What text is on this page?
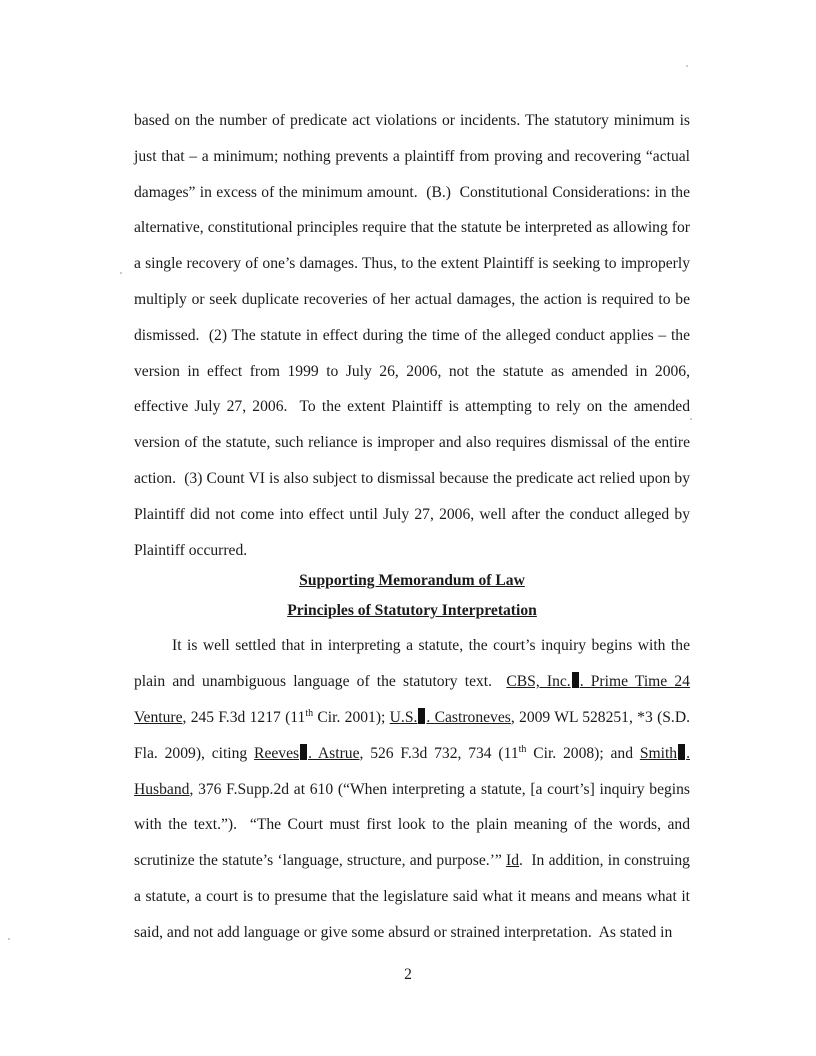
based on the number of predicate act violations or incidents. The statutory minimum is just that – a minimum; nothing prevents a plaintiff from proving and recovering “actual damages” in excess of the minimum amount.  (B.)  Constitutional Considerations: in the alternative, constitutional principles require that the statute be interpreted as allowing for a single recovery of one’s damages. Thus, to the extent Plaintiff is seeking to improperly multiply or seek duplicate recoveries of her actual damages, the action is required to be dismissed.  (2) The statute in effect during the time of the alleged conduct applies – the version in effect from 1999 to July 26, 2006, not the statute as amended in 2006, effective July 27, 2006.  To the extent Plaintiff is attempting to rely on the amended version of the statute, such reliance is improper and also requires dismissal of the entire action.  (3) Count VI is also subject to dismissal because the predicate act relied upon by Plaintiff did not come into effect until July 27, 2006, well after the conduct alleged by Plaintiff occurred.

Supporting Memorandum of Law

Principles of Statutory Interpretation

It is well settled that in interpreting a statute, the court’s inquiry begins with the plain and unambiguous language of the statutory text.  CBS, Inc. . Prime Time 24 Venture, 245 F.3d 1217 (11th Cir. 2001); U.S. . Castroneves, 2009 WL 528251, *3 (S.D. Fla. 2009), citing Reeves . Astrue, 526 F.3d 732, 734 (11th Cir. 2008); and Smith . Husband, 376 F.Supp.2d at 610 (“When interpreting a statute, [a court’s] inquiry begins with the text.”).  “The Court must first look to the plain meaning of the words, and scrutinize the statute’s ‘language, structure, and purpose.’” Id.  In addition, in construing a statute, a court is to presume that the legislature said what it means and means what it said, and not add language or give some absurd or strained interpretation.  As stated in

2
